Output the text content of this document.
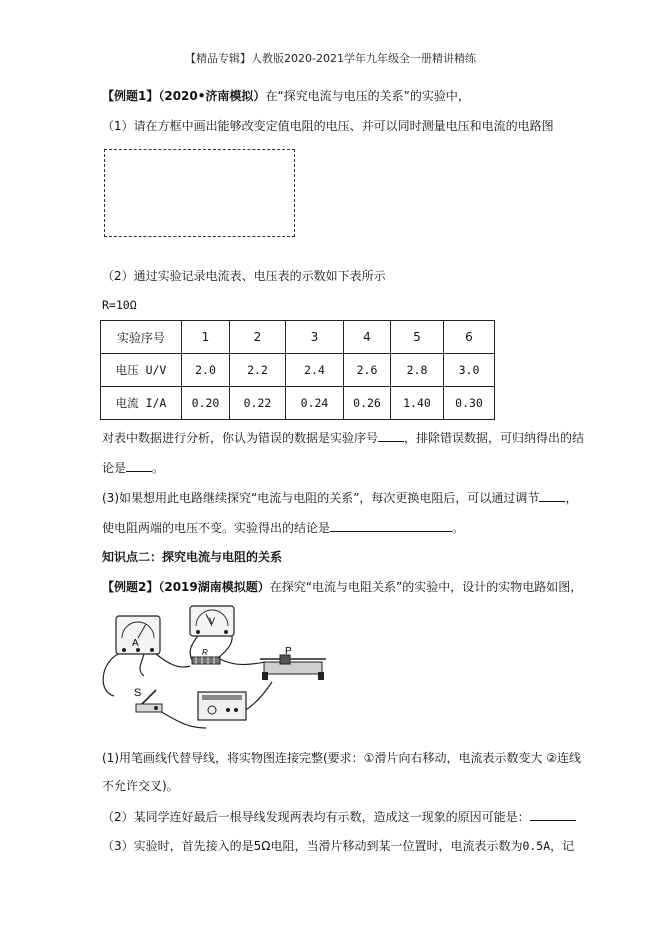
【精品专辑】人教版2020-2021学年九年级全一册精讲精练
【例题1】（2020•济南模拟）在“探究电流与电压的关系”的实验中，
（1）请在方框中画出能够改变定值电阻的电压、并可以同时测量电压和电流的电路图
（2）通过实验记录电流表、电压表的示数如下表所示
R=10Ω
实验序号	1	2	3	4	5	6
电压 U/V	2.0	2.2	2.4	2.6	2.8	3.0
电流 I/A	0.20	0.22	0.24	0.26	1.40	0.30
对表中数据进行分析，你认为错误的数据是实验序号 ，排除错误数据，可归纳得出的结
论是 。
(3)如果想用此电路继续探究“电流与电阻的关系”，每次更换电阻后，可以通过调节 ，
使电阻两端的电压不变。实验得出的结论是	。
知识点二：探究电流与电阻的关系
【例题2】（2019湖南模拟题）在探究“电流与电阻关系”的实验中，设计的实物电路如图，
A
V
R	P
S
(1)用笔画线代替导线，将实物图连接完整(要求：①滑片向右移动，电流表示数变大 ②连线
不允许交叉)。
（2）某同学连好最后一根导线发现两表均有示数，造成这一现象的原因可能是：
（3）实验时，首先接入的是5Ω电阻，当滑片移动到某一位置时，电流表示数为0.5A，记
